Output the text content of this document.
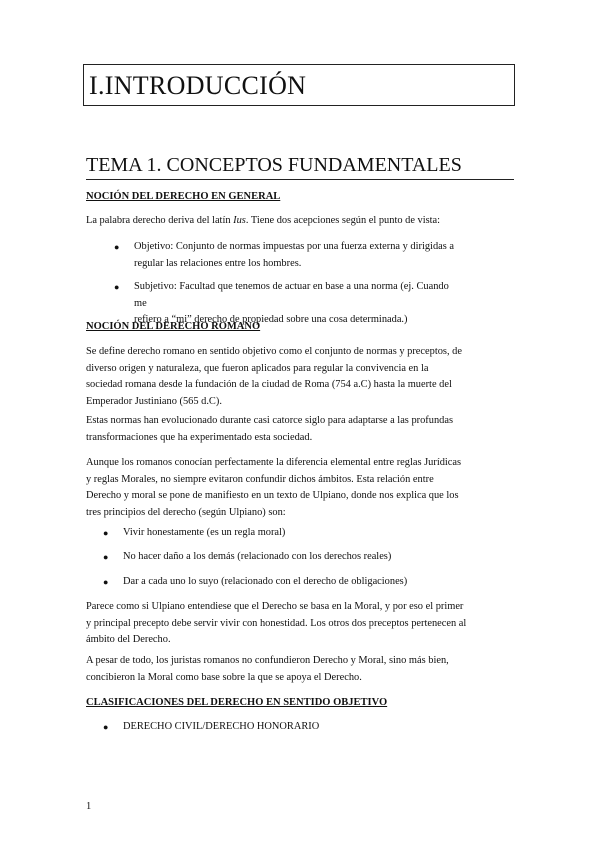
I.INTRODUCCIÓN
TEMA 1. CONCEPTOS FUNDAMENTALES
NOCIÓN DEL DERECHO EN GENERAL
La palabra derecho deriva del latín Ius. Tiene dos acepciones según el punto de vista:
● Objetivo: Conjunto de normas impuestas por una fuerza externa y dirigidas a
regular las relaciones entre los hombres.
● Subjetivo: Facultad que tenemos de actuar en base a una norma (ej. Cuando me
refiero a “mi” derecho de propiedad sobre una cosa determinada.)
NOCIÓN DEL DERECHO ROMANO
Se define derecho romano en sentido objetivo como el conjunto de normas y preceptos, de
diverso origen y naturaleza, que fueron aplicados para regular la convivencia en la
sociedad romana desde la fundación de la ciudad de Roma (754 a.C) hasta la muerte del
Emperador Justiniano (565 d.C).
Estas normas han evolucionado durante casi catorce siglo para adaptarse a las profundas
transformaciones que ha experimentado esta sociedad.
Aunque los romanos conocían perfectamente la diferencia elemental entre reglas Jurídicas
y reglas Morales, no siempre evitaron confundir dichos ámbitos. Esta relación entre
Derecho y moral se pone de manifiesto en un texto de Ulpiano, donde nos explica que los
tres principios del derecho (según Ulpiano) son:
● Vivir honestamente (es un regla moral)
● No hacer daño a los demás (relacionado con los derechos reales)
● Dar a cada uno lo suyo (relacionado con el derecho de obligaciones)
Parece como si Ulpiano entendiese que el Derecho se basa en la Moral, y por eso el primer
y principal precepto debe servir vivir con honestidad. Los otros dos preceptos pertenecen al
ámbito del Derecho.
A pesar de todo, los juristas romanos no confundieron Derecho y Moral, sino más bien,
concibieron la Moral como base sobre la que se apoya el Derecho.
CLASIFICACIONES DEL DERECHO EN SENTIDO OBJETIVO
● DERECHO CIVIL/DERECHO HONORARIO
1
